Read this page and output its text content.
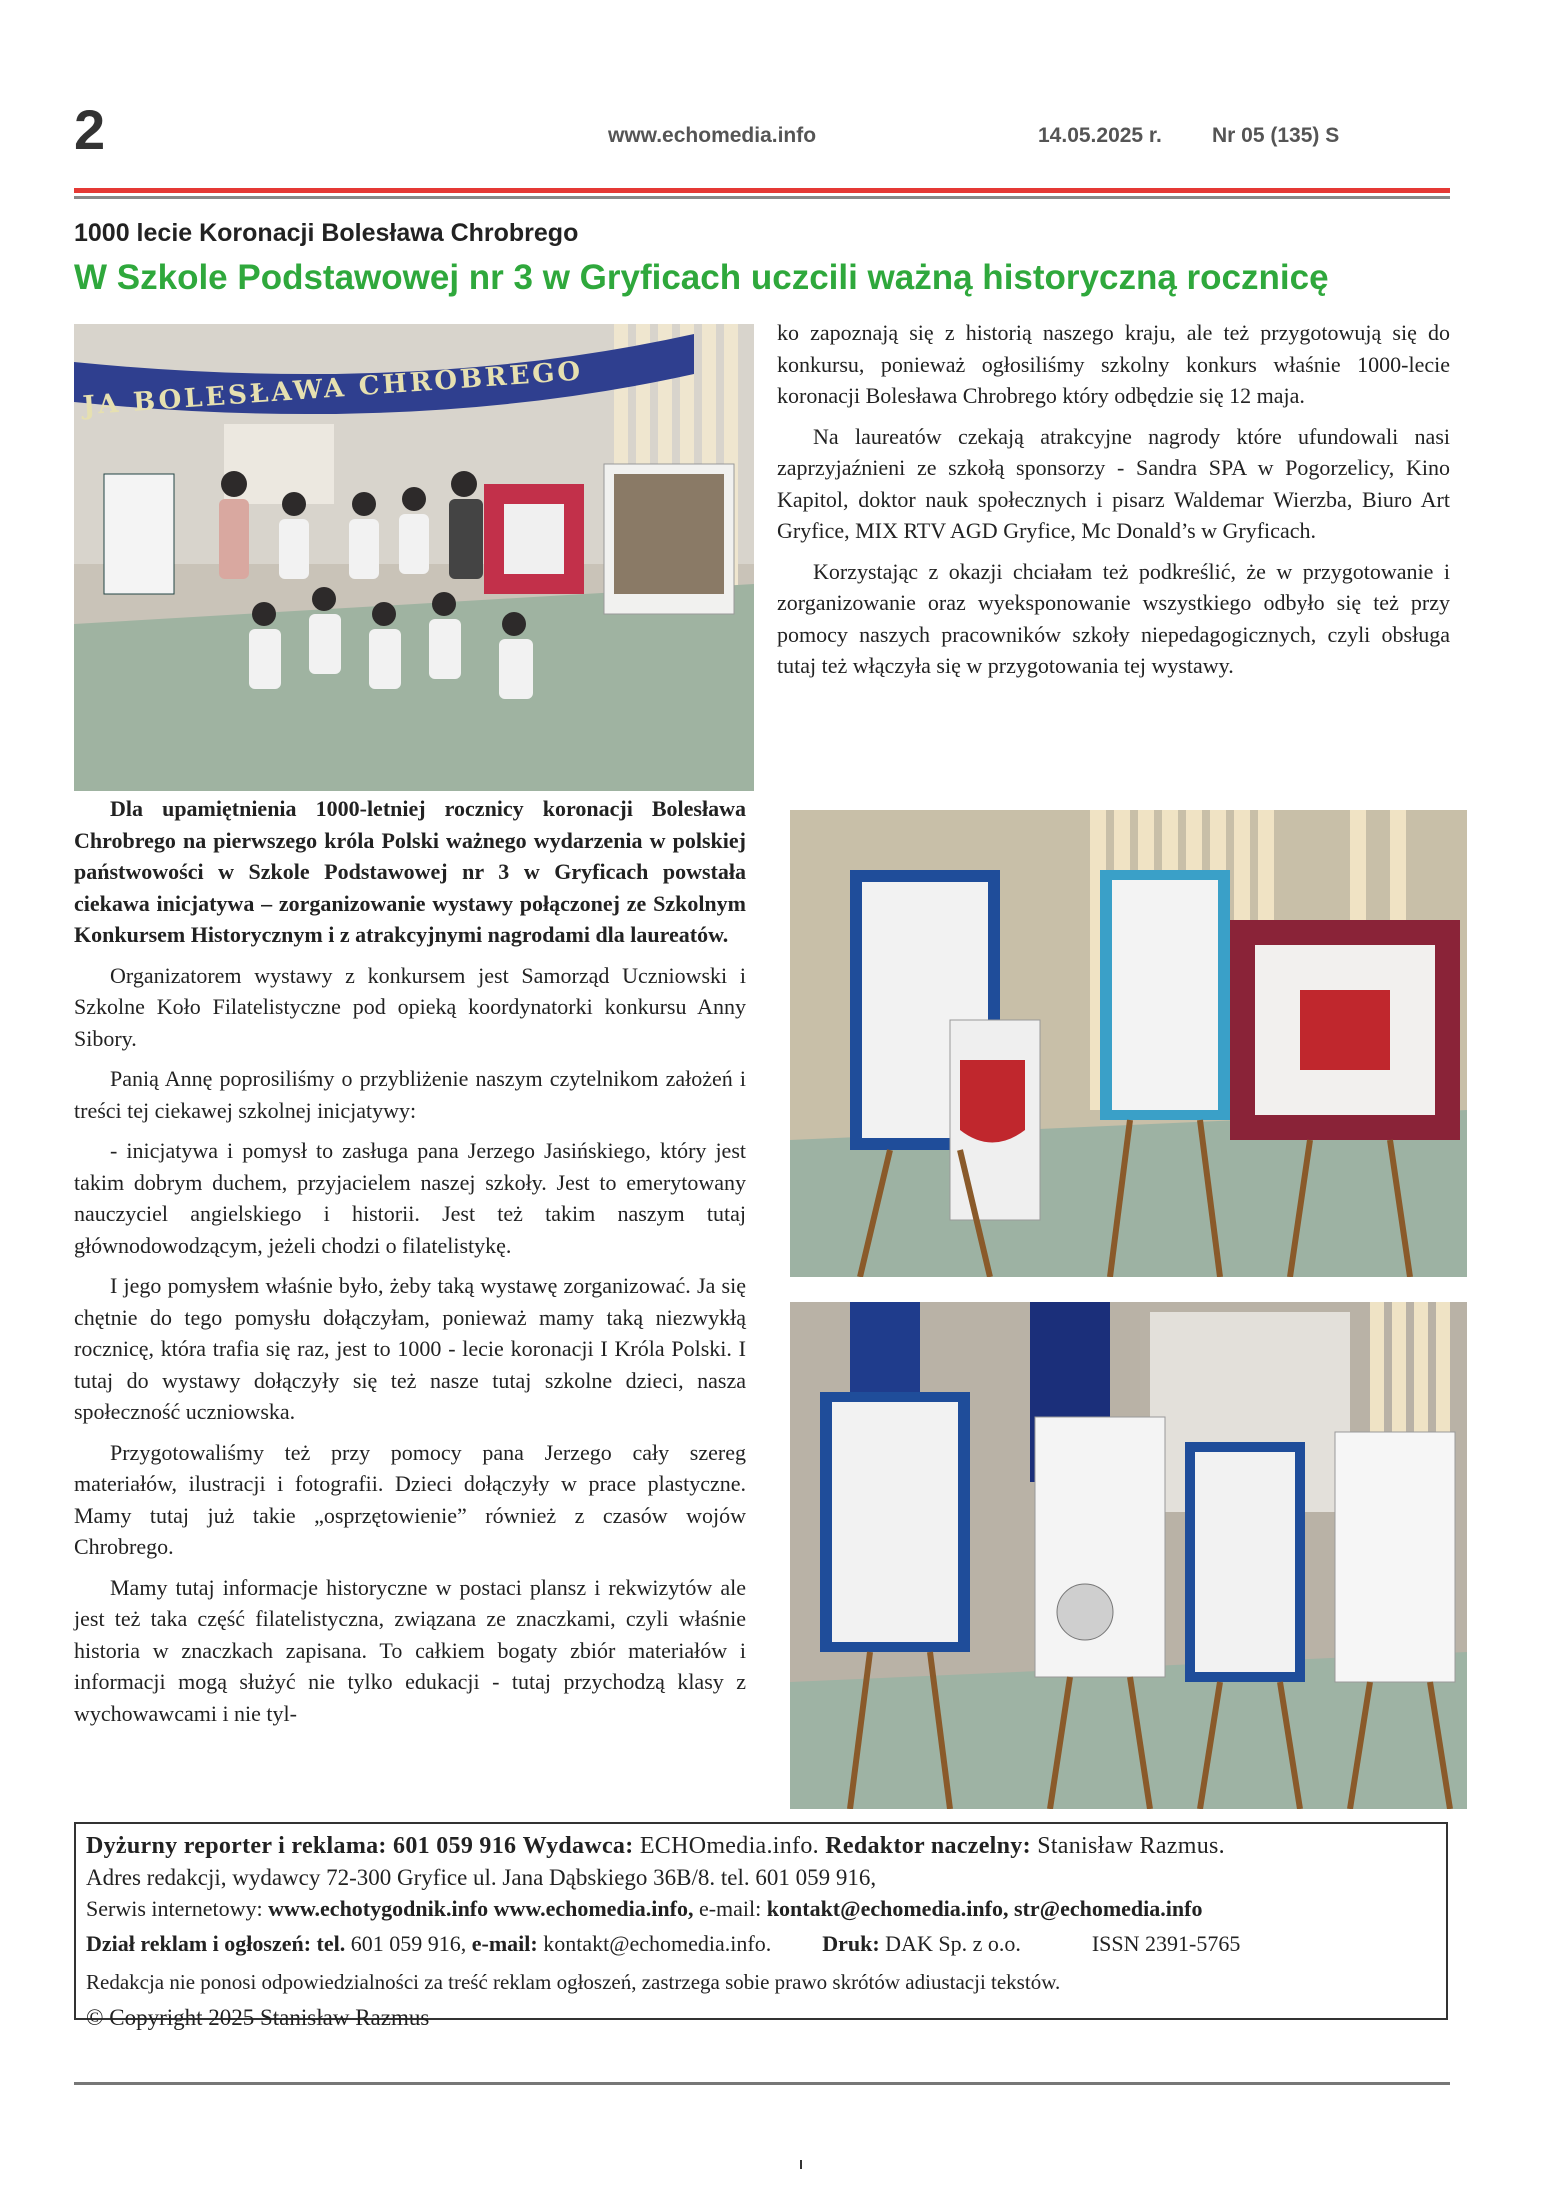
2	www.echomedia.info	14.05.2025 r. Nr 05 (135) S
1000 lecie Koronacji Bolesława Chrobrego
W Szkole Podstawowej nr 3 w Gryficach uczcili ważną historyczną rocznicę
JA BOLESŁAWA CHROBREGO

Dla upamiętnienia 1000-letniej rocznicy koronacji Bolesława Chrobrego na pierwszego króla Polski ważnego wydarzenia w polskiej państwowości w Szkole Podstawowej nr 3 w Gryficach powstała ciekawa inicjatywa – zorganizowanie wystawy połączonej ze Szkolnym Konkursem Historycznym i z atrakcyjnymi nagrodami dla laureatów.

Organizatorem wystawy z konkursem jest Samorząd Uczniowski i Szkolne Koło Filatelistyczne pod opieką koordynatorki konkursu Anny Sibory.

Panią Annę poprosiliśmy o przybliżenie naszym czytelnikom założeń i treści tej ciekawej szkolnej inicjatywy:

- inicjatywa i pomysł to zasługa pana Jerzego Jasińskiego, który jest takim dobrym duchem, przyjacielem naszej szkoły. Jest to emerytowany nauczyciel angielskiego i historii. Jest też takim naszym tutaj głównodowodzącym, jeżeli chodzi o filatelistykę.

I jego pomysłem właśnie było, żeby taką wystawę zorganizować. Ja się chętnie do tego pomysłu dołączyłam, ponieważ mamy taką niezwykłą rocznicę, która trafia się raz, jest to 1000 - lecie koronacji I Króla Polski. I tutaj do wystawy dołączyły się też nasze tutaj szkolne dzieci, nasza społeczność uczniowska.

Przygotowaliśmy też przy pomocy pana Jerzego cały szereg materiałów, ilustracji i fotografii. Dzieci dołączyły w prace plastyczne. Mamy tutaj już takie „osprzętowienie” również z czasów wojów Chrobrego.

Mamy tutaj informacje historyczne w postaci plansz i rekwizytów ale jest też taka część filatelistyczna, związana ze znaczkami, czyli właśnie historia w znaczkach zapisana. To całkiem bogaty zbiór materiałów i informacji mogą służyć nie tylko edukacji - tutaj przychodzą klasy z wychowawcami i nie tyl-

ko zapoznają się z historią naszego kraju, ale też przygotowują się do konkursu, ponieważ ogłosiliśmy szkolny konkurs właśnie 1000-lecie koronacji Bolesława Chrobrego który odbędzie się 12 maja.

Na laureatów czekają atrakcyjne nagrody które ufundowali nasi zaprzyjaźnieni ze szkołą sponsorzy - Sandra SPA w Pogorzelicy, Kino Kapitol, doktor nauk społecznych i pisarz Waldemar Wierzba, Biuro Art Gryfice, MIX RTV AGD Gryfice, Mc Donald’s w Gryficach.

Korzystając z okazji chciałam też podkreślić, że w przygotowanie i zorganizowanie oraz wyeksponowanie wszystkiego odbyło się też przy pomocy naszych pracowników szkoły niepedagogicznych, czyli obsługa tutaj też włączyła się w przygotowania tej wystawy.

Dyżurny reporter i reklama: 601 059 916 Wydawca: ECHOmedia.info. Redaktor naczelny: Stanisław Razmus.
Adres redakcji, wydawcy 72-300 Gryfice ul. Jana Dąbskiego 36B/8. tel. 601 059 916,
Serwis internetowy: www.echotygodnik.info www.echomedia.info, e-mail: kontakt@echomedia.info, str@echomedia.info
Dział reklam i ogłoszeń: tel. 601 059 916, e-mail: kontakt@echomedia.info. Druk: DAK Sp. z o.o.	ISSN 2391-5765
Redakcja nie ponosi odpowiedzialności za treść reklam ogłoszeń, zastrzega sobie prawo skrótów adiustacji tekstów.
© Copyright 2025 Stanisław Razmus
